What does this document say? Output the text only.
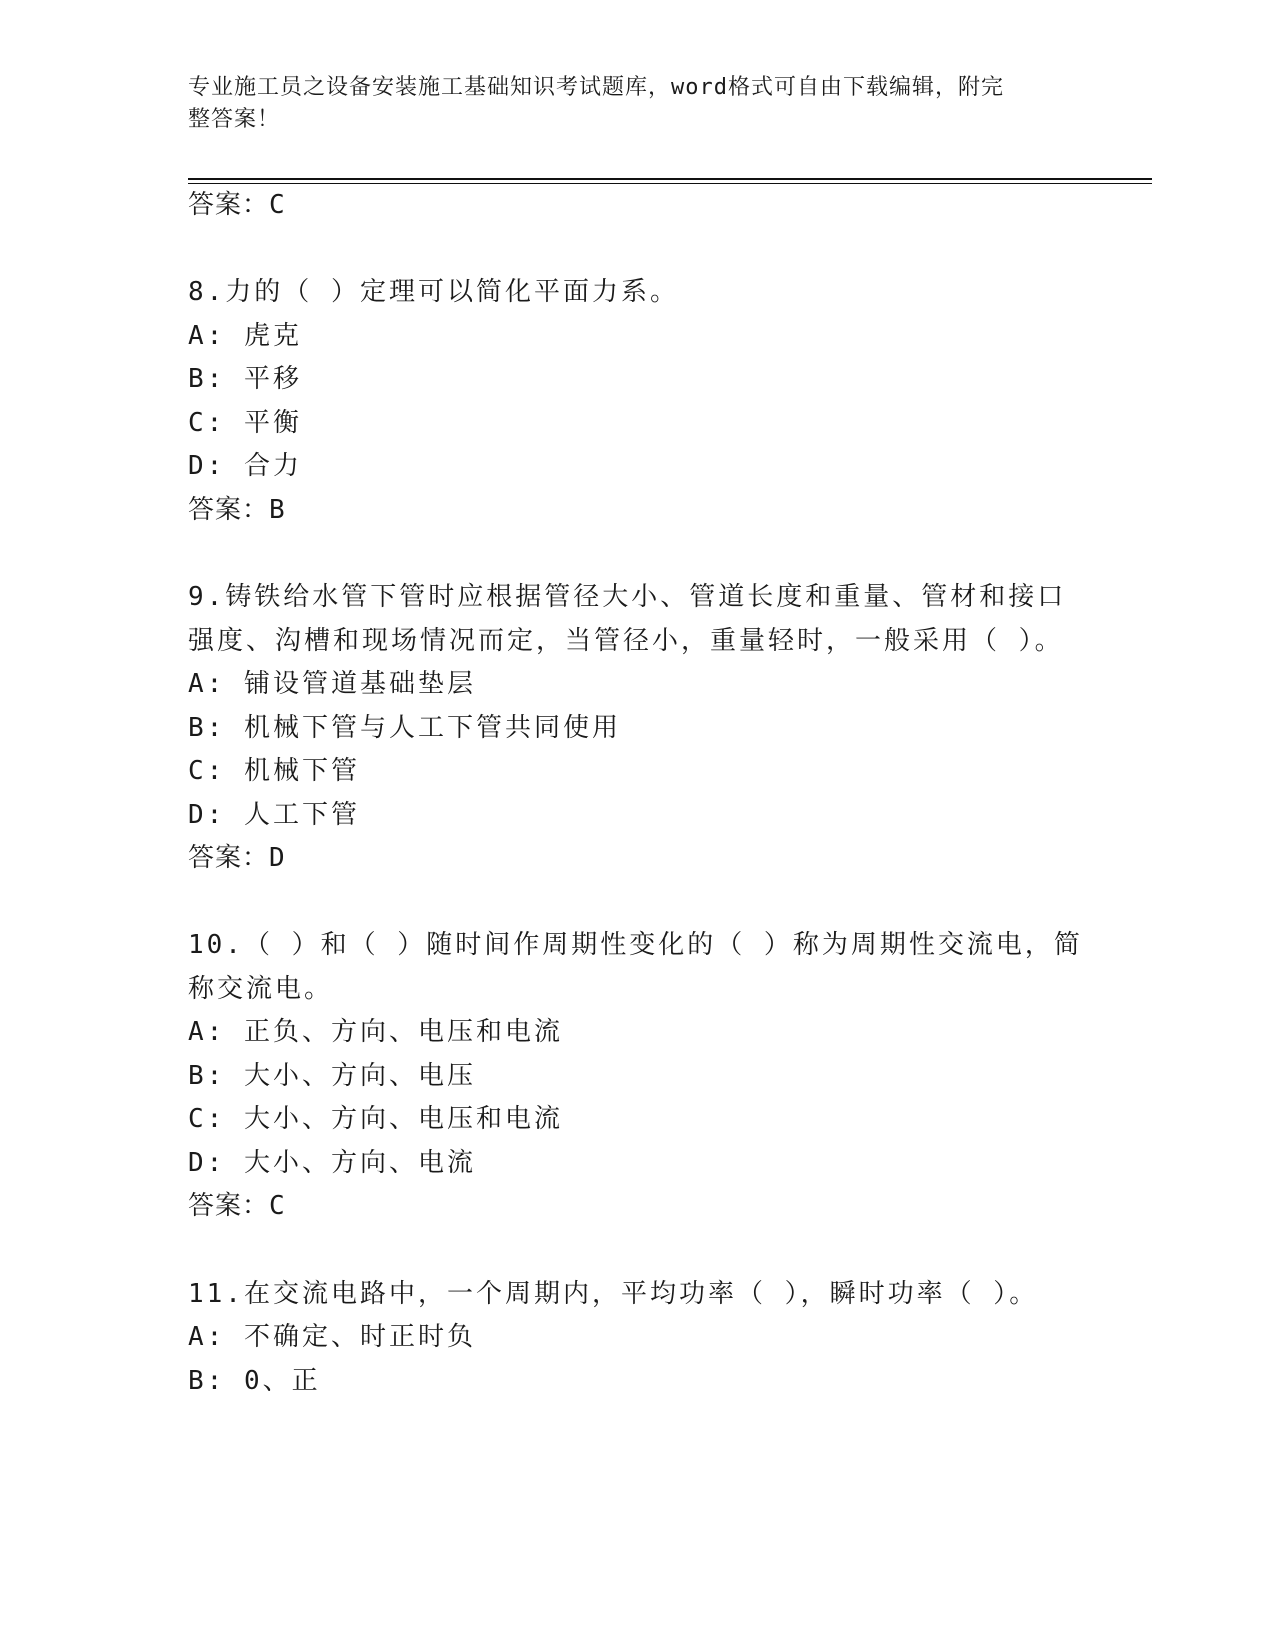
专业施工员之设备安装施工基础知识考试题库，word格式可自由下载编辑，附完
整答案！
答案：C
8.力的（ ）定理可以简化平面力系。
A: 虎克
B: 平移
C: 平衡
D: 合力
答案：B
9.铸铁给水管下管时应根据管径大小、管道长度和重量、管材和接口
强度、沟槽和现场情况而定，当管径小，重量轻时，一般采用（ ）。
A: 铺设管道基础垫层
B: 机械下管与人工下管共同使用
C: 机械下管
D: 人工下管
答案：D
10.（ ）和（ ）随时间作周期性变化的（ ）称为周期性交流电，简
称交流电。
A: 正负、方向、电压和电流
B: 大小、方向、电压
C: 大小、方向、电压和电流
D: 大小、方向、电流
答案：C
11.在交流电路中，一个周期内，平均功率（ ），瞬时功率（ ）。
A: 不确定、时正时负
B: 0、正
